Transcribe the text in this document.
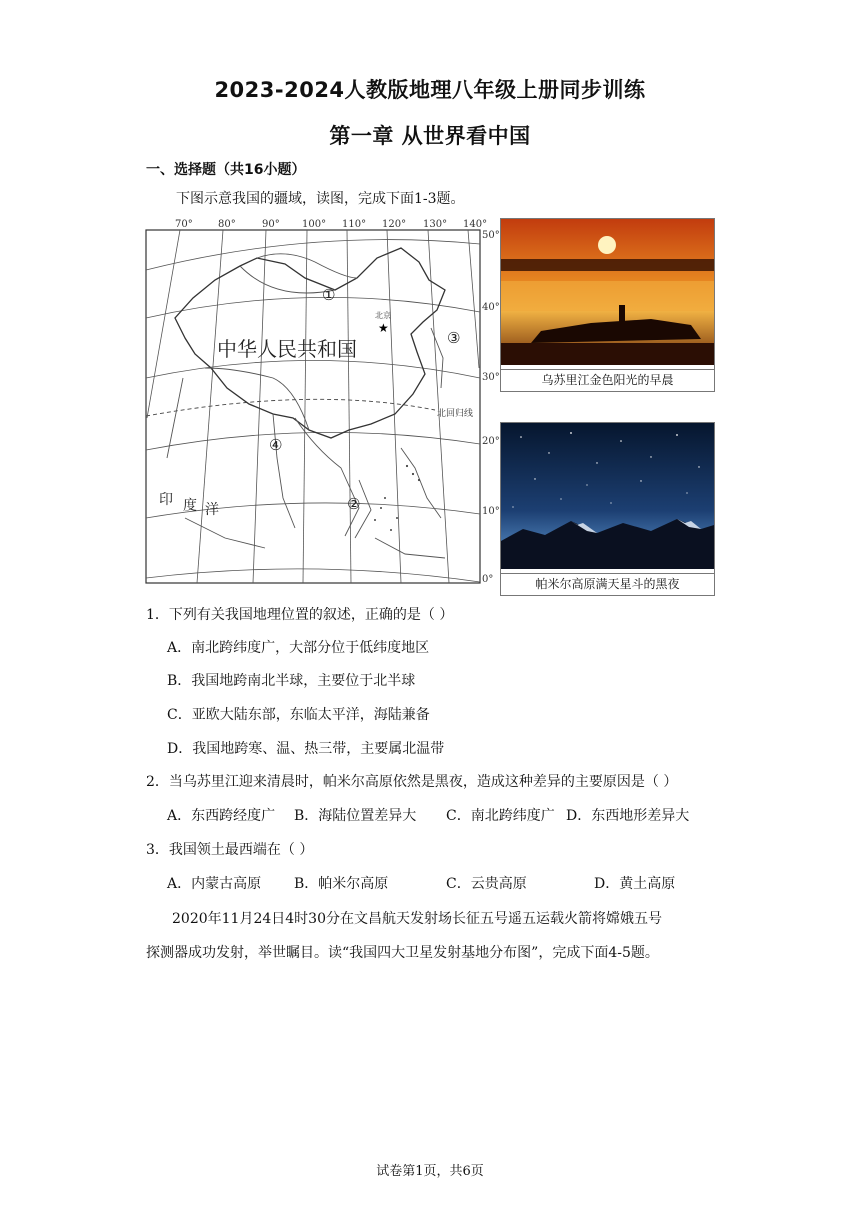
2023-2024人教版地理八年级上册同步训练
第一章 从世界看中国
一、选择题（共16小题）
下图示意我国的疆域，读图，完成下面1-3题。
70°	80°	90° 100° 110° 120° 130° 140°
50°
40°
30°
20°
10°
0°
北回归线
北京
★
①
②
③
④
中华人民共和国
印 度 洋
乌苏里江金色阳光的早晨
帕米尔高原满天星斗的黑夜
1．下列有关我国地理位置的叙述，正确的是（ ）
A．南北跨纬度广，大部分位于低纬度地区
B．我国地跨南北半球，主要位于北半球
C．亚欧大陆东部，东临太平洋，海陆兼备
D．我国地跨寒、温、热三带，主要属北温带
2．当乌苏里江迎来清晨时，帕米尔高原依然是黑夜，造成这种差异的主要原因是（ ）
A．东西跨经度广 B．海陆位置差异大 C．南北跨纬度广 D．东西地形差异大
3．我国领土最西端在（ ）
A．内蒙古高原 B．帕米尔高原	C．云贵高原	D．黄土高原
2020年11月24日4时30分在文昌航天发射场长征五号遥五运载火箭将嫦娥五号
探测器成功发射，举世瞩目。读“我国四大卫星发射基地分布图”，完成下面4-5题。
试卷第1页，共6页
